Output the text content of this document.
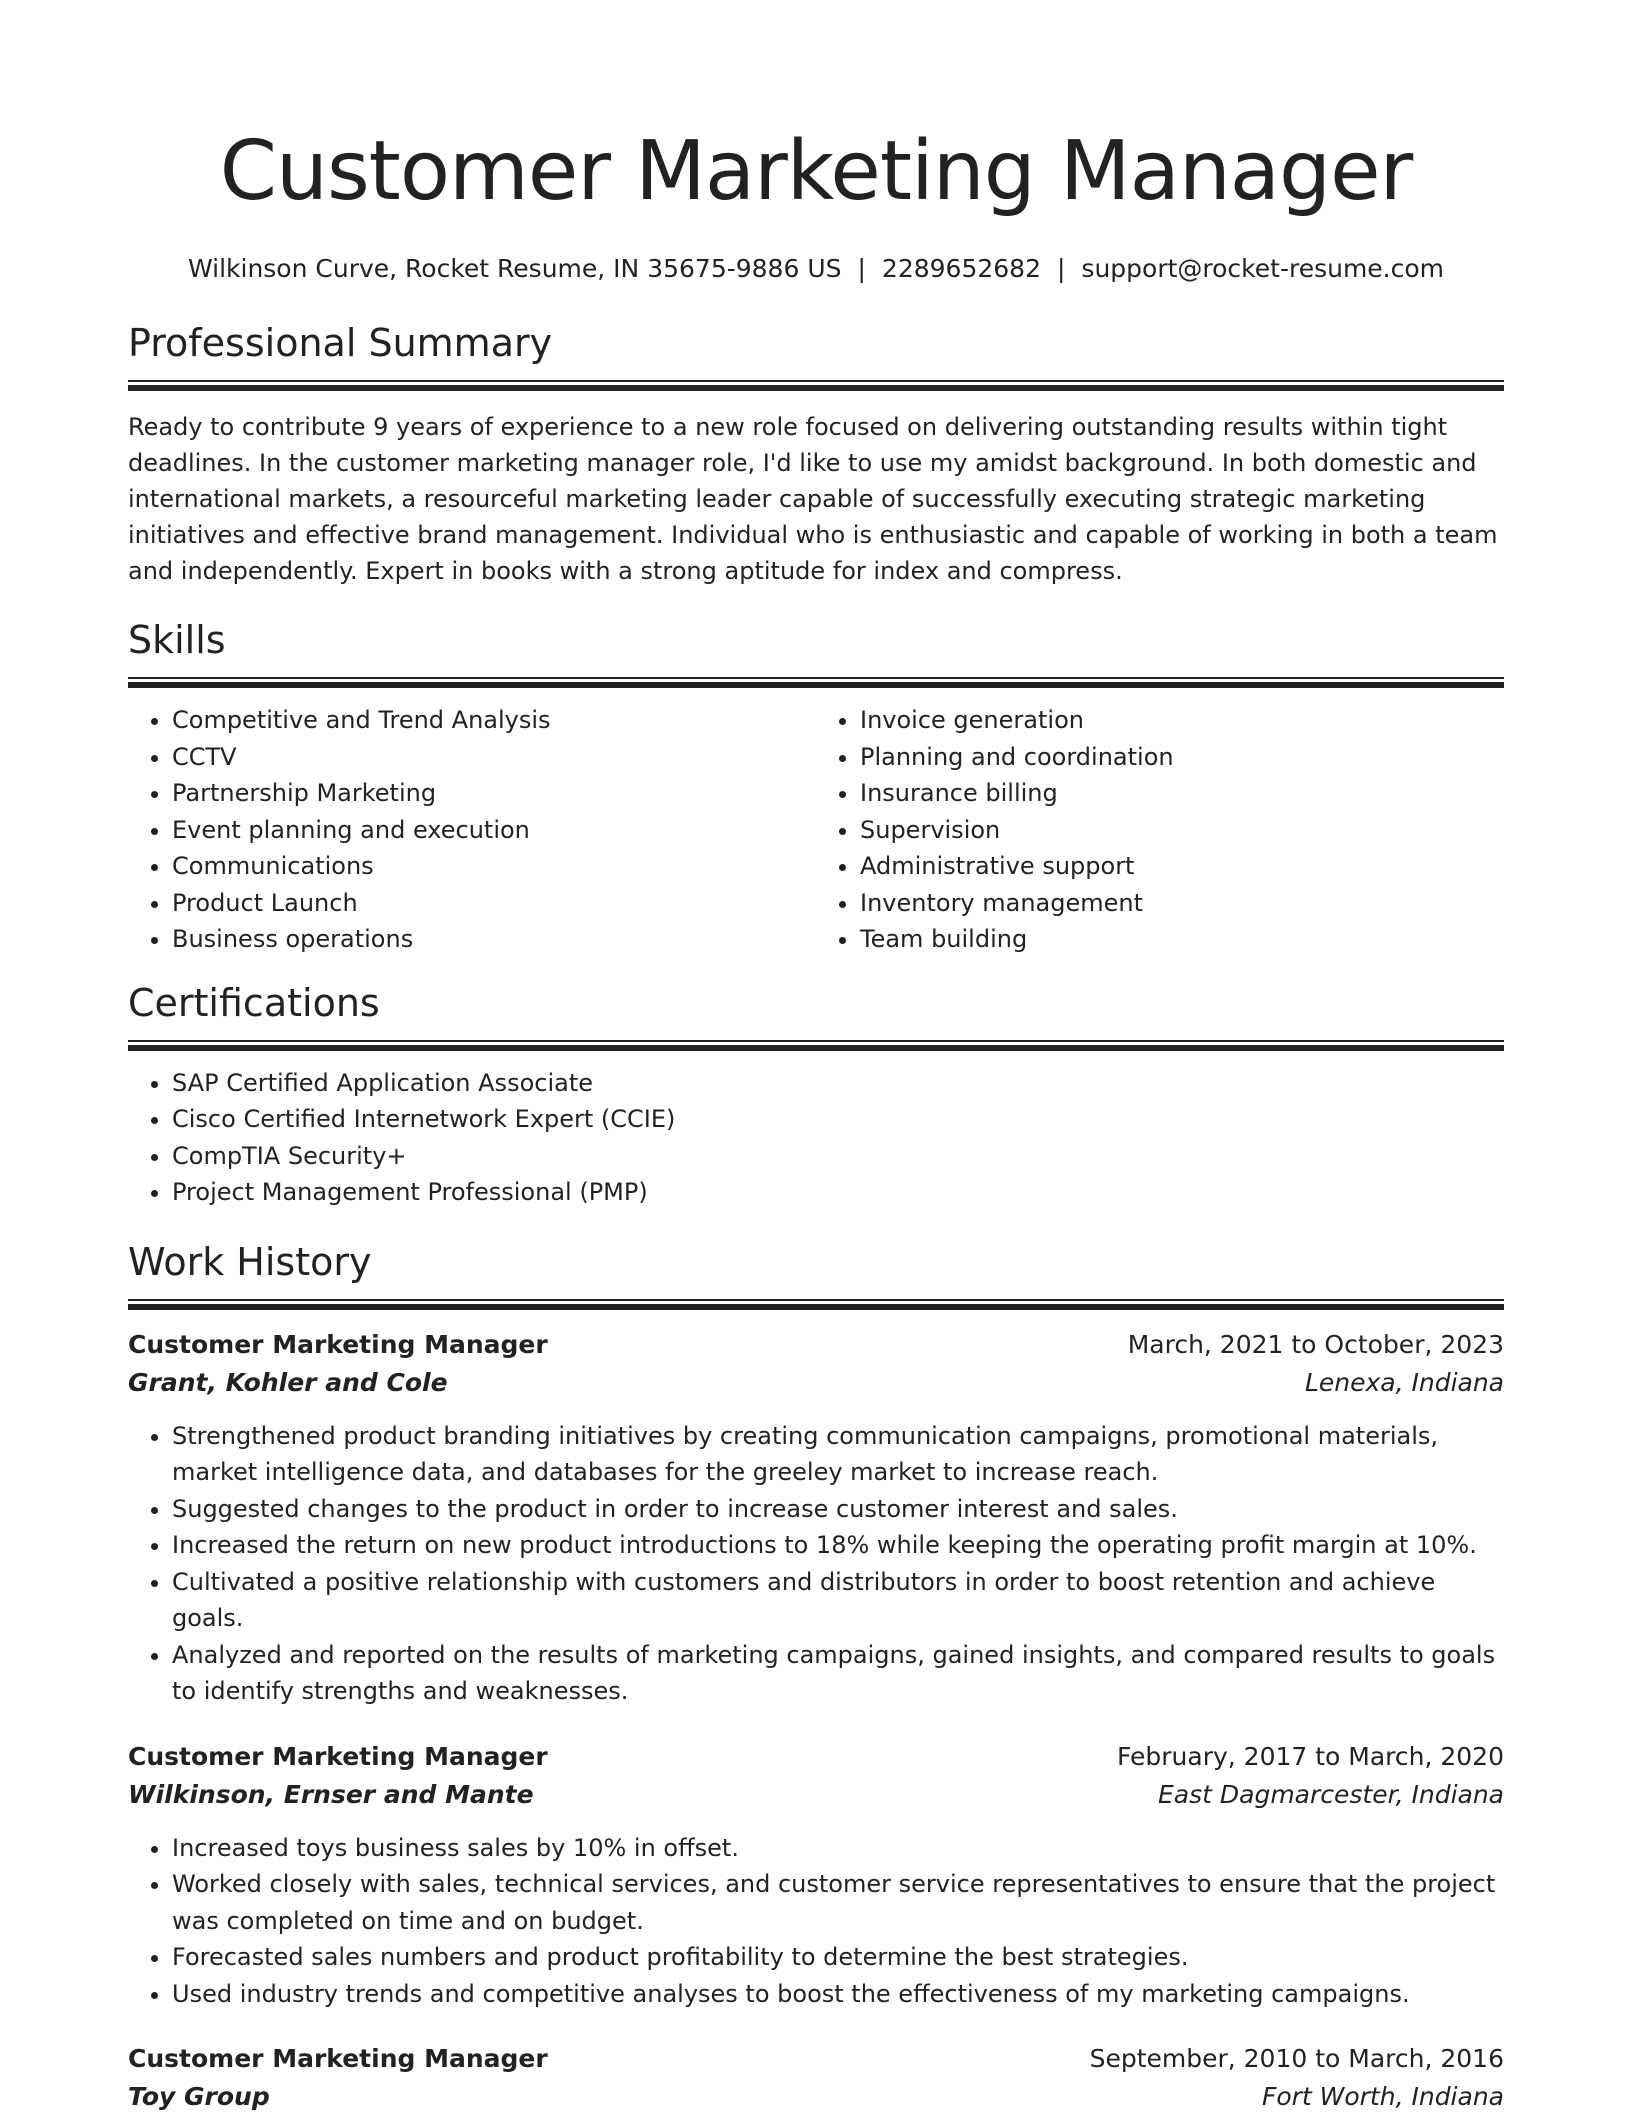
Customer Marketing Manager
Wilkinson Curve, Rocket Resume, IN 35675-9886 US | 2289652682 | support@rocket-resume.com
Professional Summary

Ready to contribute 9 years of experience to a new role focused on delivering outstanding results within tight deadlines. In the customer marketing manager role, I'd like to use my amidst background. In both domestic and international markets, a resourceful marketing leader capable of successfully executing strategic marketing initiatives and effective brand management. Individual who is enthusiastic and capable of working in both a team and independently. Expert in books with a strong aptitude for index and compress.

Skills
• Competitive and Trend Analysis
• CCTV
• Partnership Marketing
• Event planning and execution
• Communications
• Product Launch
• Business operations
• Invoice generation
• Planning and coordination
• Insurance billing
• Supervision
• Administrative support
• Inventory management
• Team building
Certifications
• SAP Certified Application Associate
• Cisco Certified Internetwork Expert (CCIE)
• CompTIA Security+
• Project Management Professional (PMP)
Work History
Customer Marketing Manager	March, 2021 to October, 2023
Grant, Kohler and Cole	Lenexa, Indiana
• Strengthened product branding initiatives by creating communication campaigns, promotional materials, market intelligence data, and databases for the greeley market to increase reach.
• Suggested changes to the product in order to increase customer interest and sales.
• Increased the return on new product introductions to 18% while keeping the operating profit margin at 10%.
• Cultivated a positive relationship with customers and distributors in order to boost retention and achieve goals.
• Analyzed and reported on the results of marketing campaigns, gained insights, and compared results to goals to identify strengths and weaknesses.
Customer Marketing Manager	February, 2017 to March, 2020
Wilkinson, Ernser and Mante	East Dagmarcester, Indiana
• Increased toys business sales by 10% in offset.
• Worked closely with sales, technical services, and customer service representatives to ensure that the project was completed on time and on budget.
• Forecasted sales numbers and product profitability to determine the best strategies.
• Used industry trends and competitive analyses to boost the effectiveness of my marketing campaigns.
Customer Marketing Manager	September, 2010 to March, 2016
Toy Group	Fort Worth, Indiana
